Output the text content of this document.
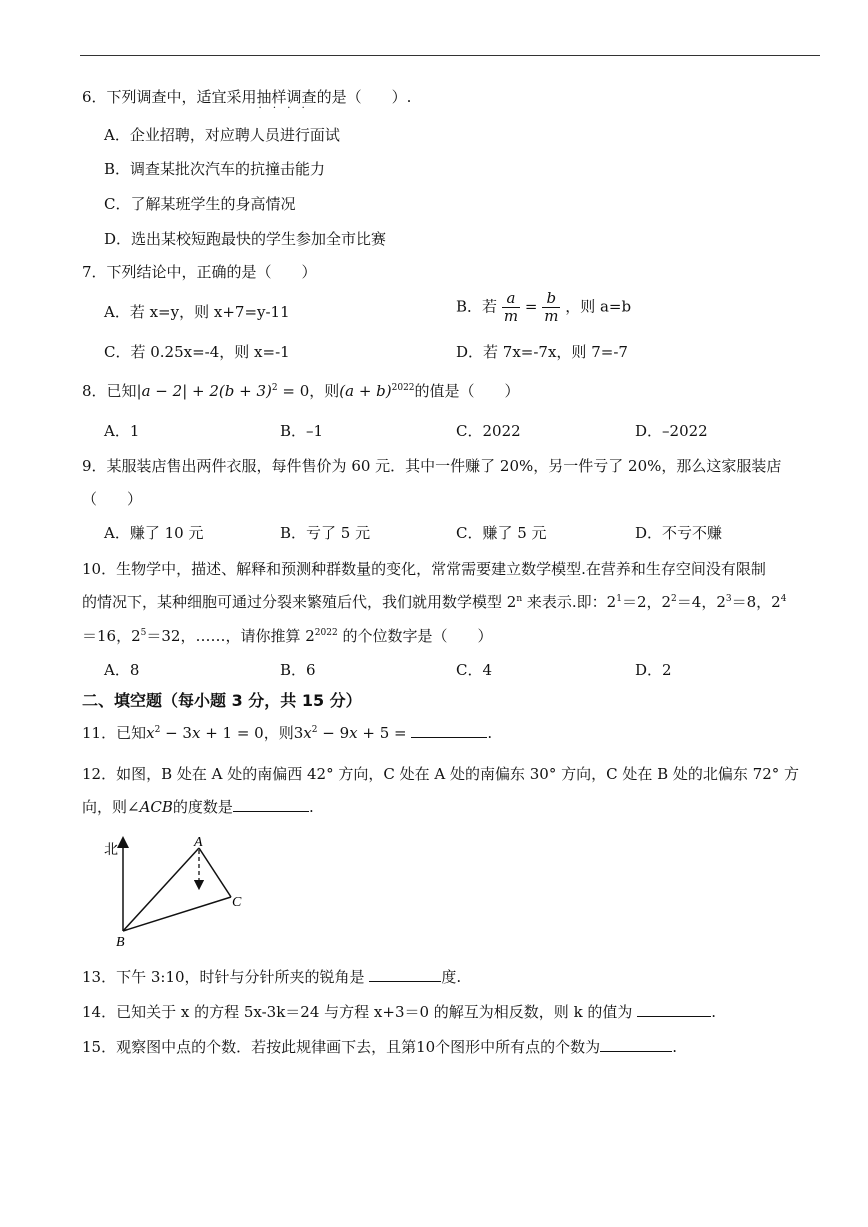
6．下列调查中，适宜采用抽样调查 · · · ·的是（　　）.
A．企业招聘，对应聘人员进行面试
B．调查某批次汽车的抗撞击能力
C．了解某班学生的身高情况
D．选出某校短跑最快的学生参加全市比赛
7．下列结论中，正确的是（　　）
A．若 x=y，则 x+7=y-11	B．若 $\frac{a}{m} = \frac{b}{m}$ ，则 a=b
C．若 0.25x=-4，则 x=-1	D．若 7x=-7x，则 7=-7
8．已知$|a - 2| + 2(b + 3)^2 = 0$，则$(a + b)^{2022}$的值是（　　）
A．1	B．–1	C．2022	D．–2022
9．某服装店售出两件衣服，每件售价为 60 元．其中一件赚了 20%，另一件亏了 20%，那么这家服装店
（　　）
A．赚了 10 元	B．亏了 5 元	C．赚了 5 元	D．不亏不赚
10．生物学中，描述、解释和预测种群数量的变化，常常需要建立数学模型.在营养和生存空间没有限制
的情况下，某种细胞可通过分裂来繁殖后代，我们就用数学模型 2$^n$ 来表示.即：$2^1=2$，$2^2=4$，$2^3=8$，$2^4$
＝16，$2^5=32$，……，请你推算 $2^{2022}$ 的个位数字是（　　）
A．8	B．6	C．4	D．2
二、填空题（每小题 3 分，共 15 分）
11．已知$x^2 - 3x + 1 = 0$，则$3x^2 - 9x + 5$ =	.
12．如图，B 处在 A 处的南偏西 42° 方向，C 处在 A 处的南偏东 30° 方向，C 处在 B 处的北偏东 72° 方
向，则∠ACB的度数是	.
北
A
B
C
13．下午 3:10，时针与分针所夹的锐角是	度.
14．已知关于 x 的方程 5x-3k＝24 与方程 x+3＝0 的解互为相反数，则 k 的值为	.
15．观察图中点的个数．若按此规律画下去，且第10个图形中所有点的个数为	.
